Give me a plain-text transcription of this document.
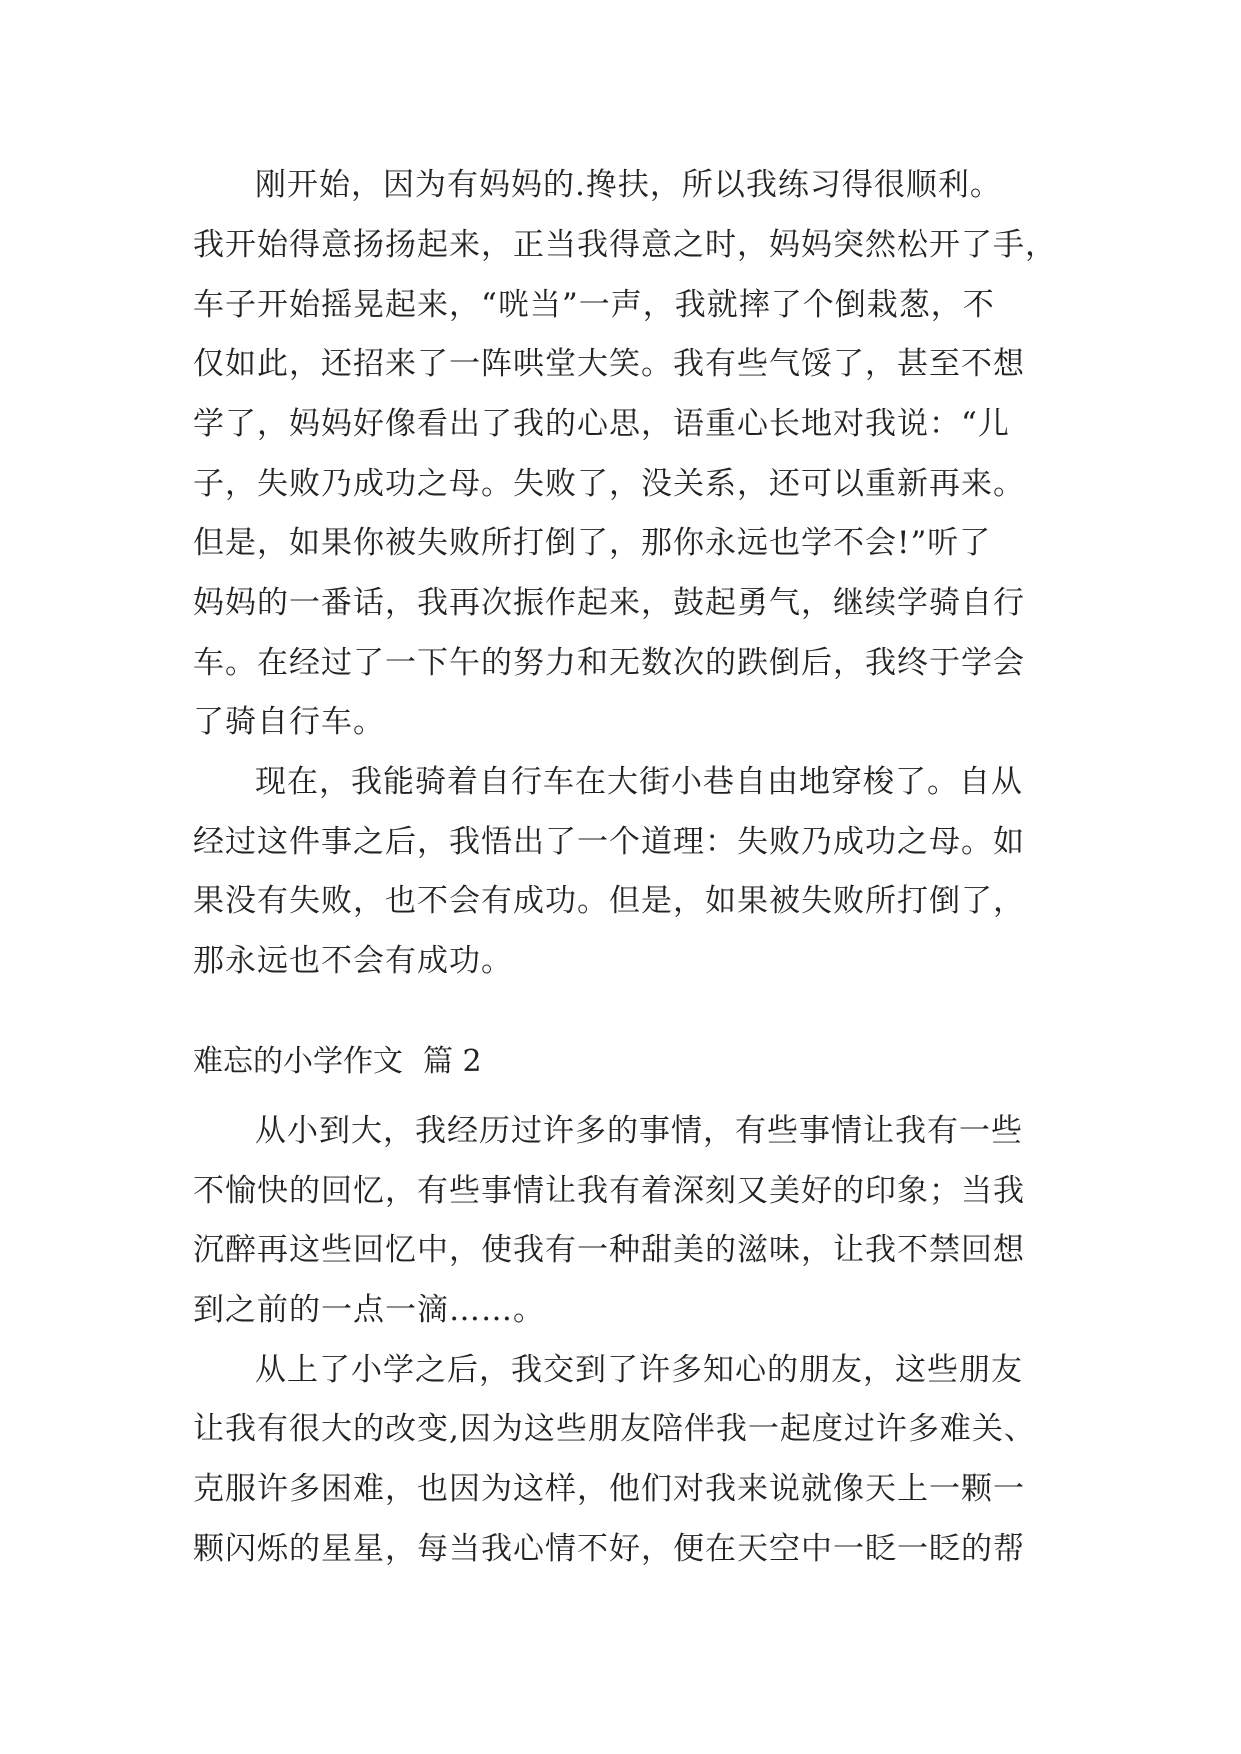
刚开始，因为有妈妈的.搀扶，所以我练习得很顺利。
我开始得意扬扬起来，正当我得意之时，妈妈突然松开了手，
车子开始摇晃起来，“咣当”一声，我就摔了个倒栽葱，不
仅如此，还招来了一阵哄堂大笑。我有些气馁了，甚至不想
学了，妈妈好像看出了我的心思，语重心长地对我说：“儿
子，失败乃成功之母。失败了，没关系，还可以重新再来。
但是，如果你被失败所打倒了，那你永远也学不会!”听了
妈妈的一番话，我再次振作起来，鼓起勇气，继续学骑自行
车。在经过了一下午的努力和无数次的跌倒后，我终于学会
了骑自行车。
现在，我能骑着自行车在大街小巷自由地穿梭了。自从
经过这件事之后，我悟出了一个道理：失败乃成功之母。如
果没有失败，也不会有成功。但是，如果被失败所打倒了，
那永远也不会有成功。
难忘的小学作文 篇 2
从小到大，我经历过许多的事情，有些事情让我有一些
不愉快的回忆，有些事情让我有着深刻又美好的印象；当我
沉醉再这些回忆中，使我有一种甜美的滋味，让我不禁回想
到之前的一点一滴……。
从上了小学之后，我交到了许多知心的朋友，这些朋友
让我有很大的改变,因为这些朋友陪伴我一起度过许多难关、
克服许多困难，也因为这样，他们对我来说就像天上一颗一
颗闪烁的星星，每当我心情不好，便在天空中一眨一眨的帮
